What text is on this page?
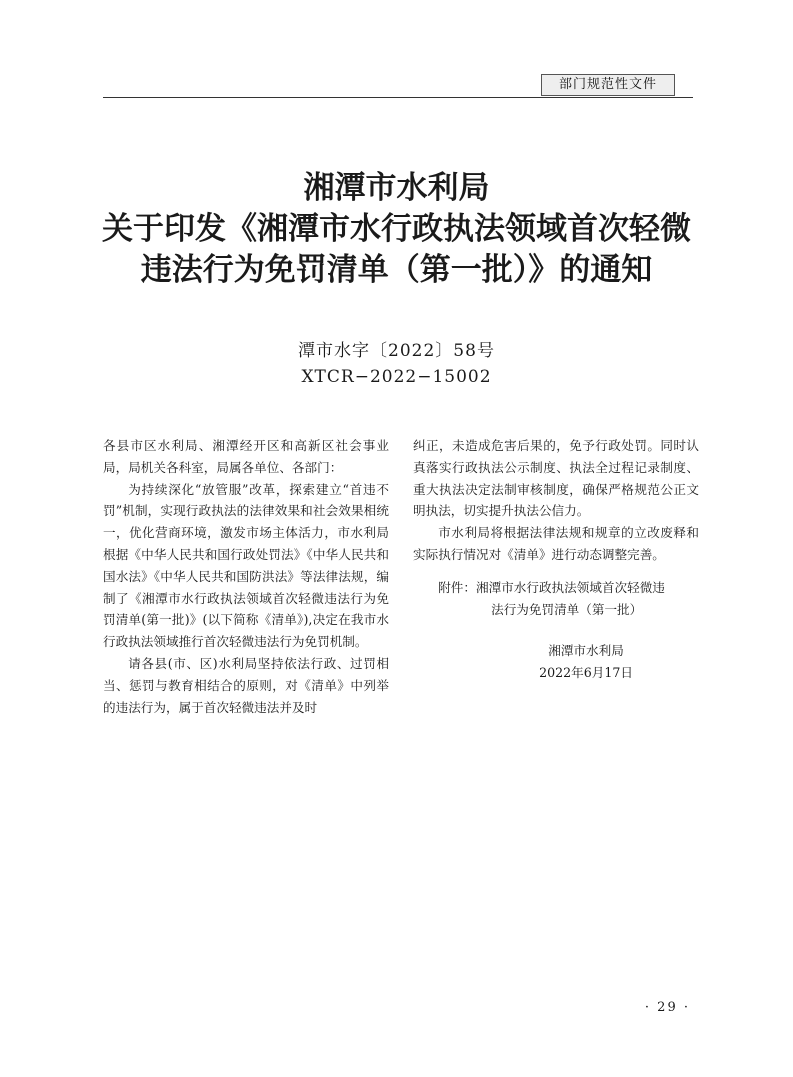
部门规范性文件
湘潭市水利局
关于印发《湘潭市水行政执法领域首次轻微
违法行为免罚清单（第一批）》的通知
潭市水字〔2022〕58号
XTCR−2022−15002

各县市区水利局、湘潭经开区和高新区社会事业局，局机关各科室，局属各单位、各部门：

为持续深化“放管服”改革，探索建立“首违不罚”机制，实现行政执法的法律效果和社会效果相统一，优化营商环境，激发市场主体活力，市水利局根据《中华人民共和国行政处罚法》《中华人民共和国水法》《中华人民共和国防洪法》等法律法规，编制了《湘潭市水行政执法领域首次轻微违法行为免罚清单(第一批)》(以下简称《清单》),决定在我市水行政执法领域推行首次轻微违法行为免罚机制。

请各县(市、区)水利局坚持依法行政、过罚相当、惩罚与教育相结合的原则，对《清单》中列举的违法行为，属于首次轻微违法并及时

纠正，未造成危害后果的，免予行政处罚。同时认真落实行政执法公示制度、执法全过程记录制度、重大执法决定法制审核制度，确保严格规范公正文明执法，切实提升执法公信力。

市水利局将根据法律法规和规章的立改废释和实际执行情况对《清单》进行动态调整完善。

附件：湘潭市水行政执法领域首次轻微违
法行为免罚清单（第一批）
湘潭市水利局
2022年6月17日
· 29 ·
